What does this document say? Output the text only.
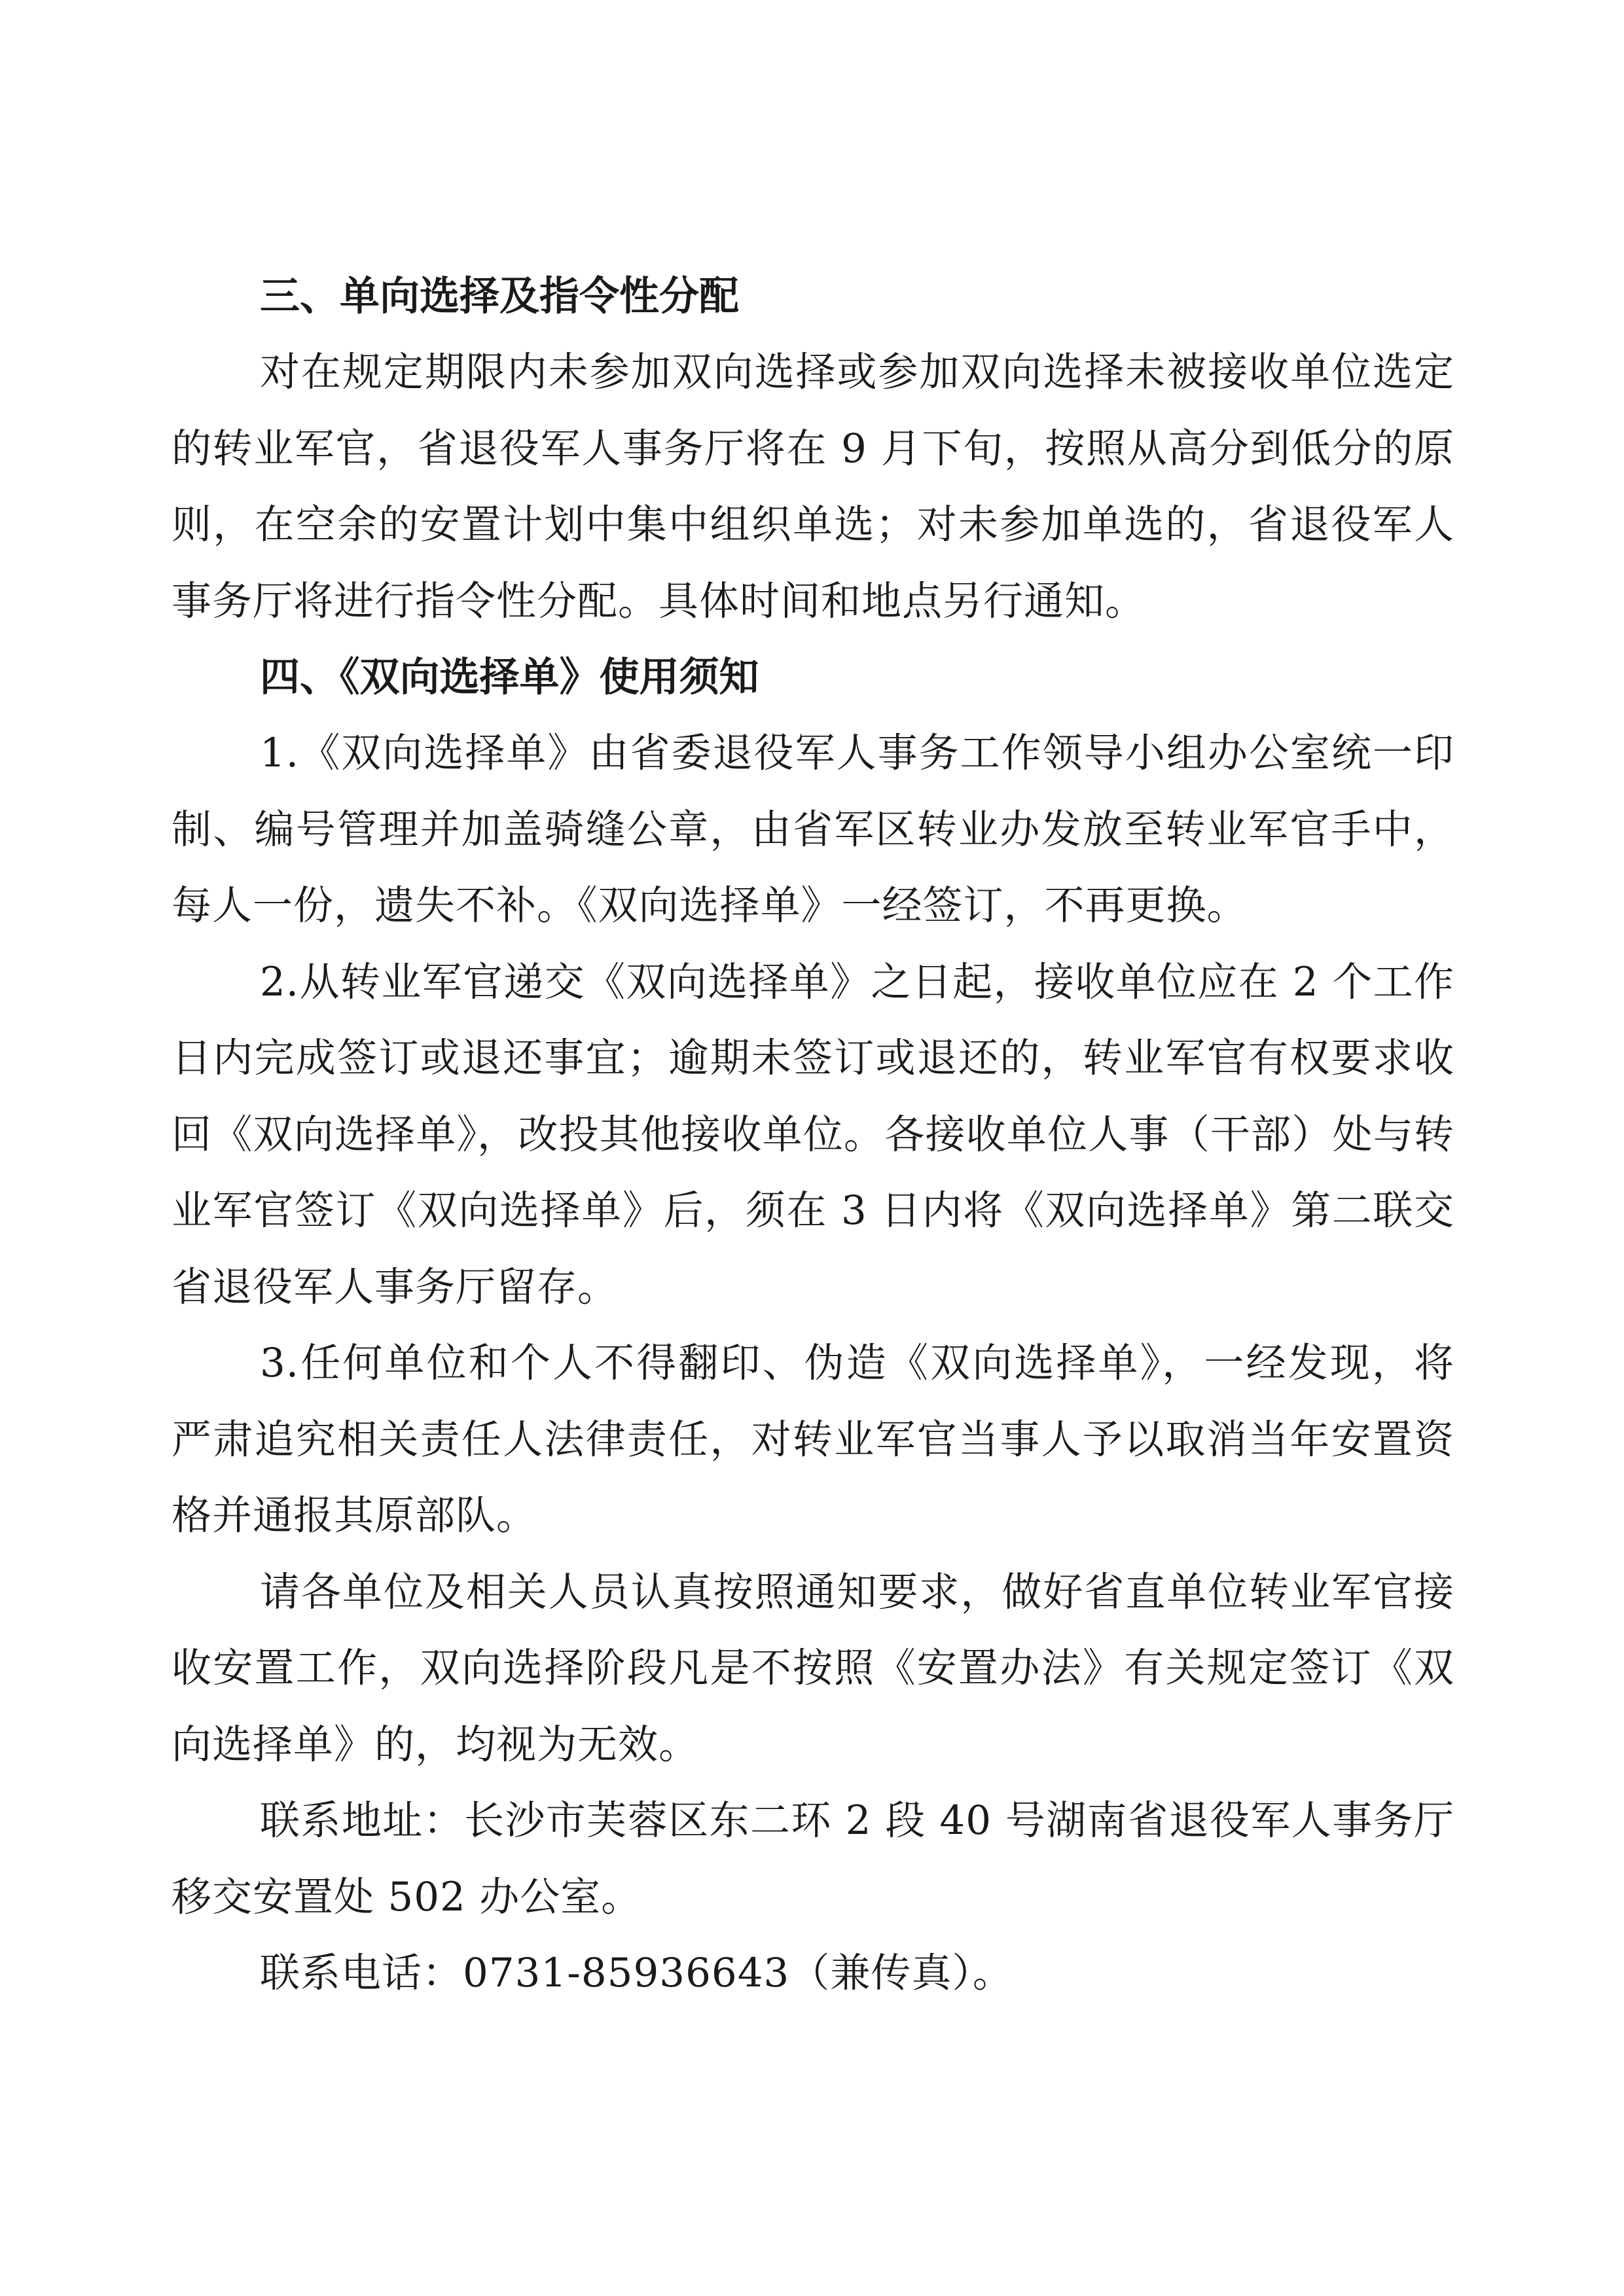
三、单向选择及指令性分配

对在规定期限内未参加双向选择或参加双向选择未被接收单位选定的转业军官，省退役军人事务厅将在 9 月下旬，按照从高分到低分的原则，在空余的安置计划中集中组织单选；对未参加单选的，省退役军人事务厅将进行指令性分配。具体时间和地点另行通知。

四、《双向选择单》使用须知

1.《双向选择单》由省委退役军人事务工作领导小组办公室统一印制、编号管理并加盖骑缝公章，由省军区转业办发放至转业军官手中，每人一份，遗失不补。《双向选择单》一经签订，不再更换。

2.从转业军官递交《双向选择单》之日起，接收单位应在 2 个工作日内完成签订或退还事宜；逾期未签订或退还的，转业军官有权要求收回《双向选择单》，改投其他接收单位。各接收单位人事（干部）处与转业军官签订《双向选择单》后，须在 3 日内将《双向选择单》第二联交省退役军人事务厅留存。

3.任何单位和个人不得翻印、伪造《双向选择单》，一经发现，将严肃追究相关责任人法律责任，对转业军官当事人予以取消当年安置资格并通报其原部队。

请各单位及相关人员认真按照通知要求，做好省直单位转业军官接收安置工作，双向选择阶段凡是不按照《安置办法》有关规定签订《双向选择单》的，均视为无效。

联系地址：长沙市芙蓉区东二环 2 段 40 号湖南省退役军人事务厅移交安置处 502 办公室。

联系电话：0731-85936643（兼传真）。
